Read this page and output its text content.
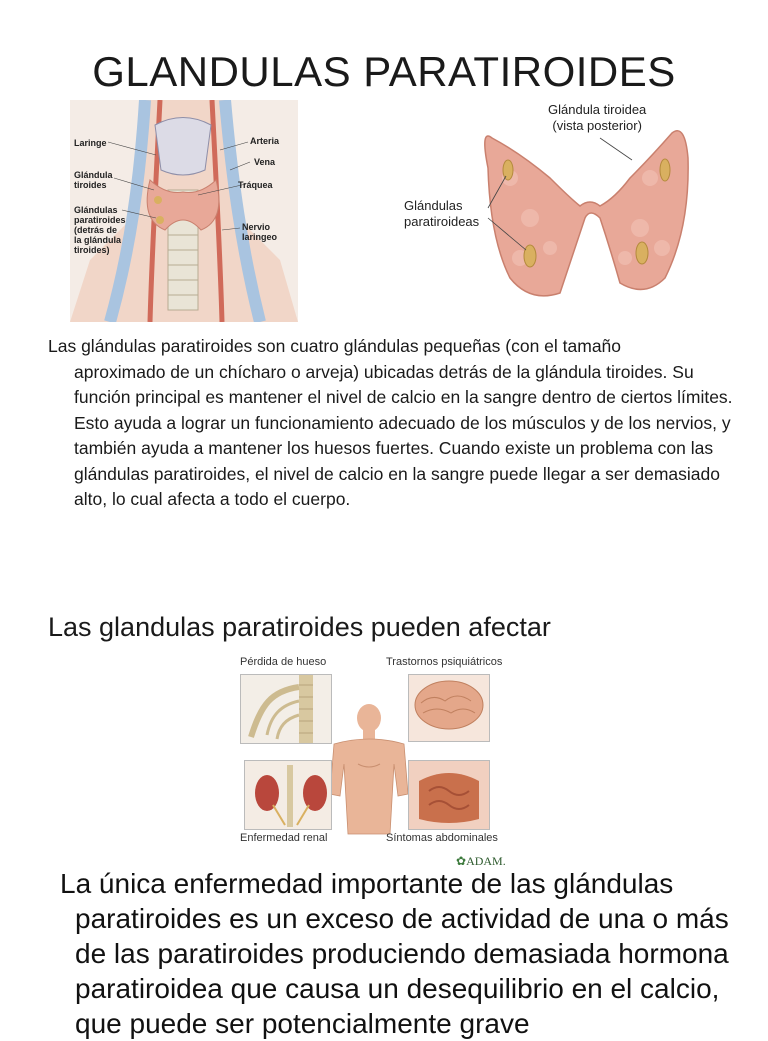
GLANDULAS PARATIROIDES
Laringe
Glándula
tiroides
Glándulas
paratiroides
(detrás de
la glándula
tiroides)
Arteria
Vena
Tráquea
Nervio
laringeo
Glándula tiroidea
(vista posterior)
Glándulas
paratiroideas
Las glándulas paratiroides son cuatro glándulas pequeñas (con el tamaño
aproximado de un chícharo o arveja) ubicadas detrás de la glándula tiroides. Su función principal es mantener el nivel de calcio en la sangre dentro de ciertos límites. Esto ayuda a lograr un funcionamiento adecuado de los músculos y de los nervios, y también ayuda a mantener los huesos fuertes. Cuando existe un problema con las glándulas paratiroides, el nivel de calcio en la sangre puede llegar a ser demasiado alto, lo cual afecta a todo el cuerpo.
Las glandulas paratiroides pueden afectar
Pérdida de hueso	Trastornos psiquiátricos
Enfermedad renal	Síntomas abdominales
✿ADAM.
La única enfermedad importante de las glándulas
paratiroides es un exceso de actividad de una o más de las paratiroides produciendo demasiada hormona paratiroidea que causa un desequilibrio en el calcio, que puede ser potencialmente grave
